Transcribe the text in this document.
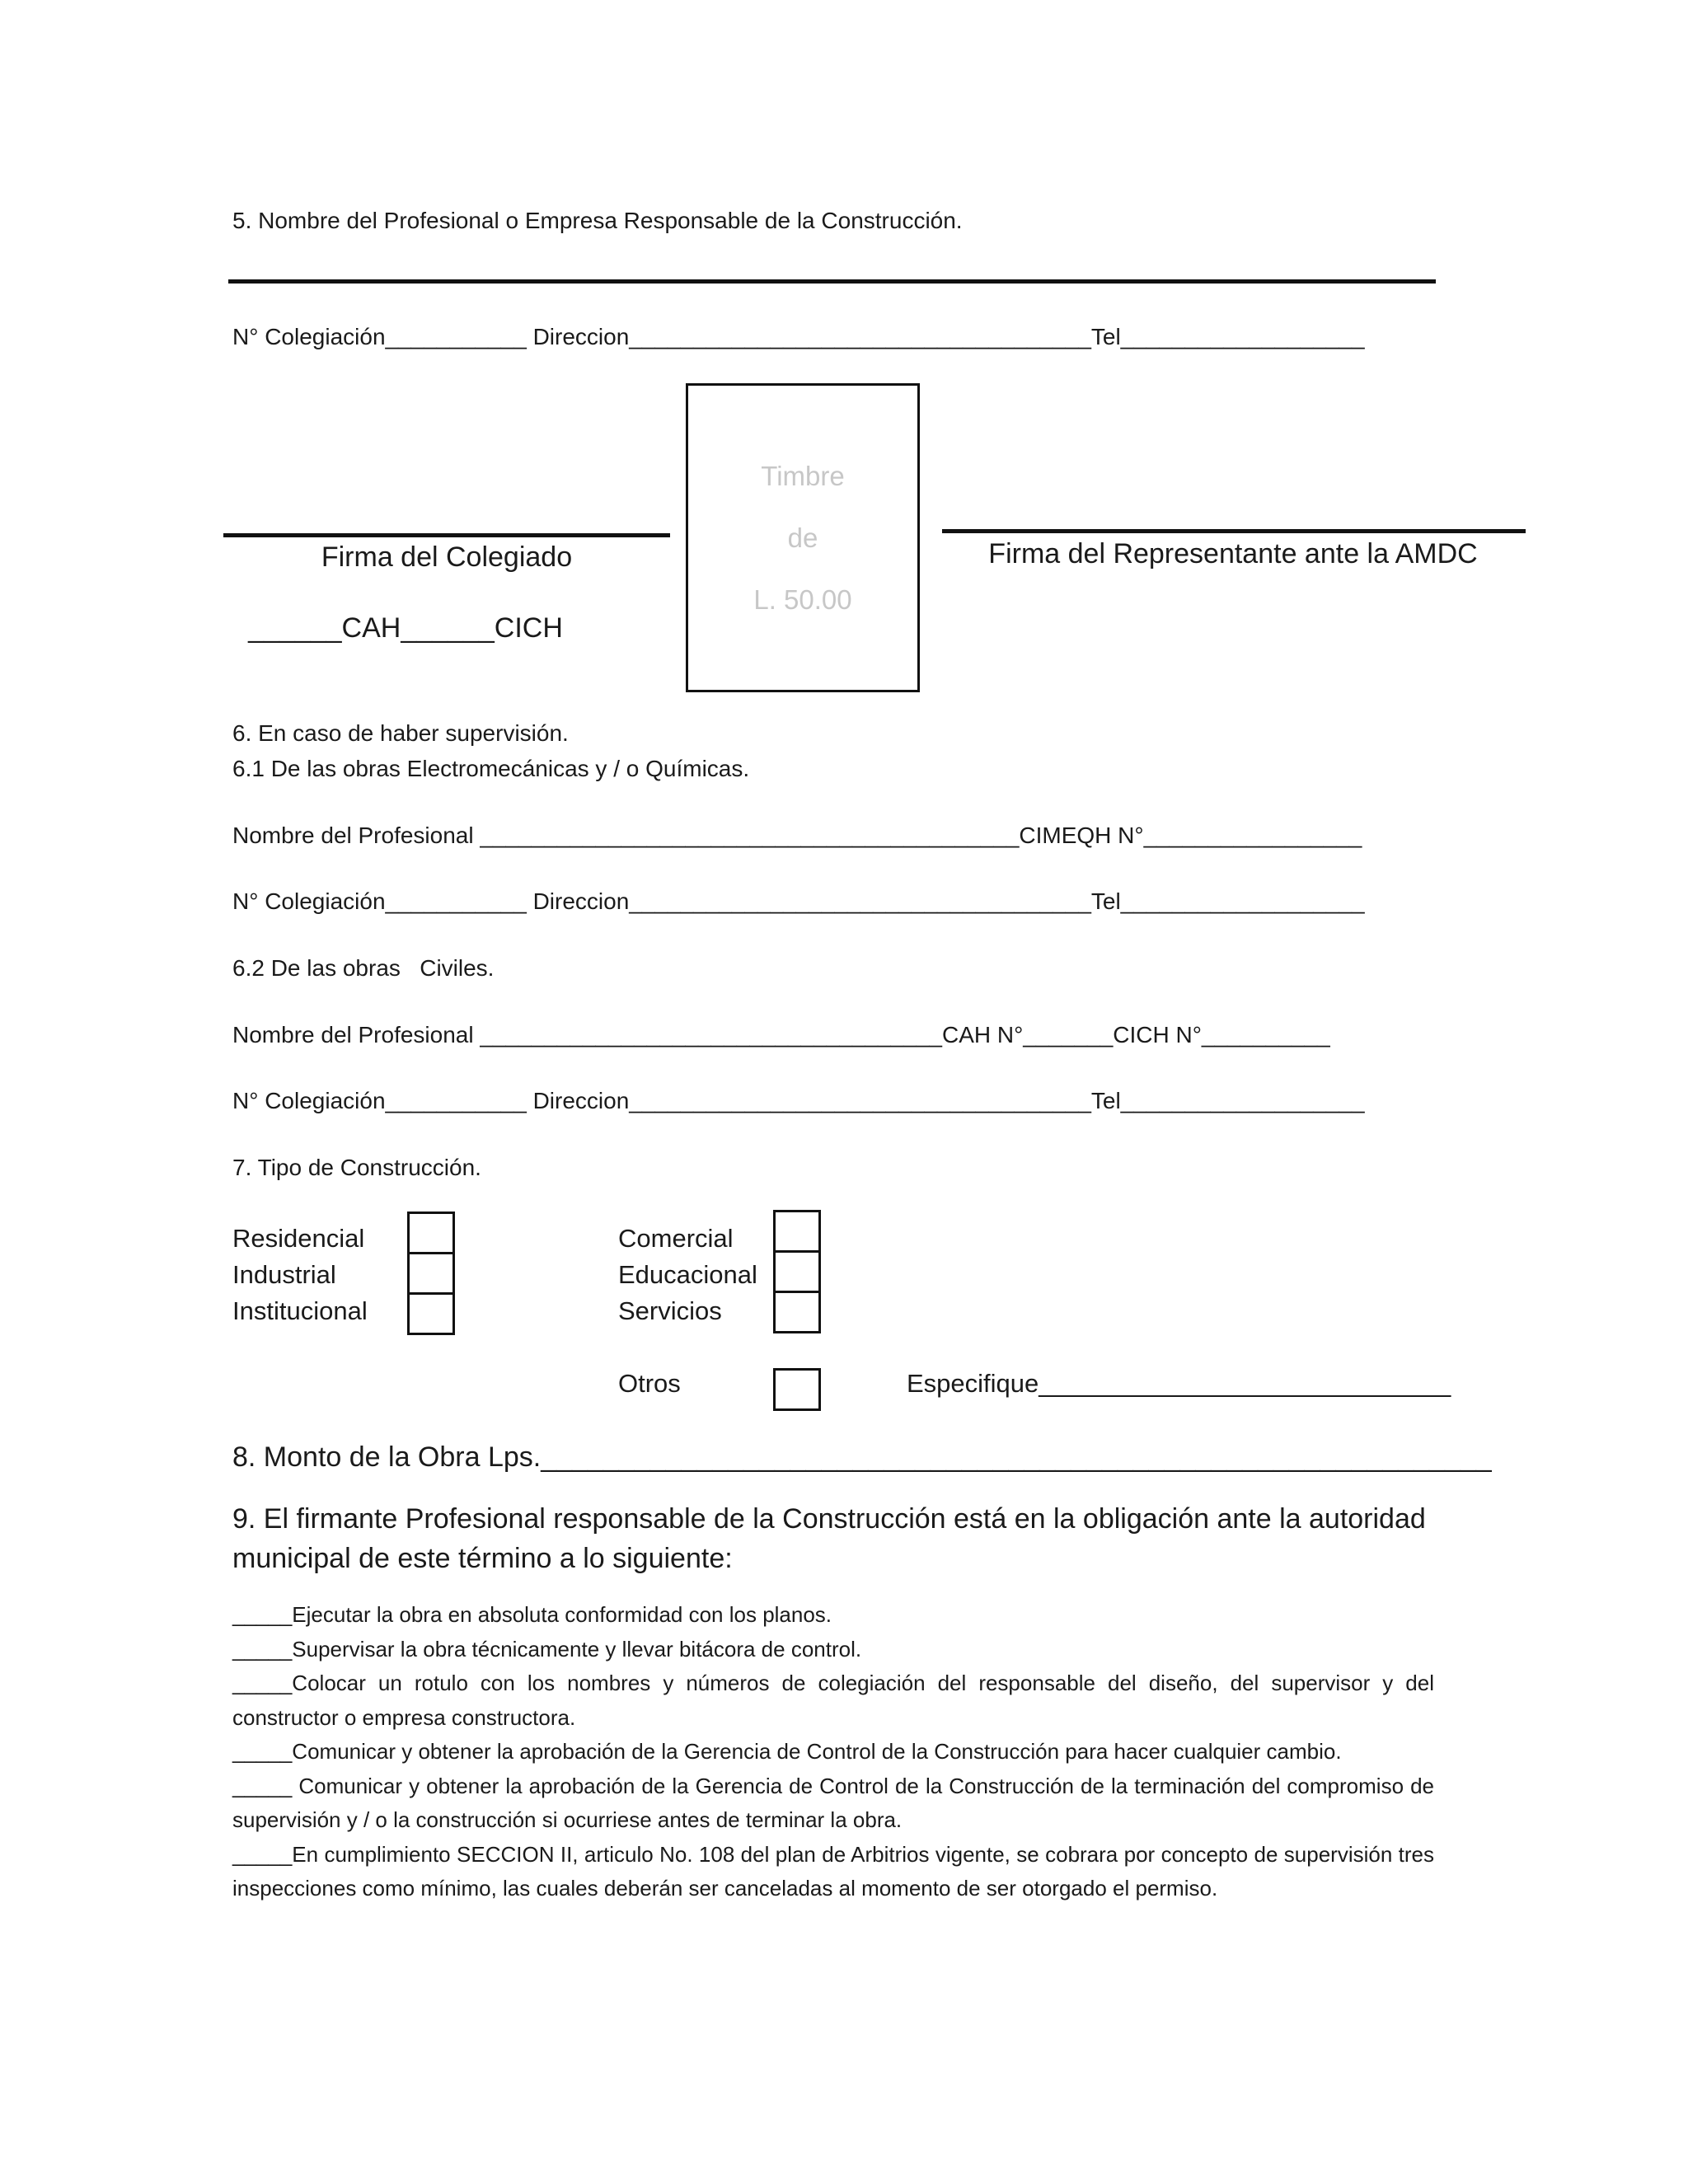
5. Nombre del Profesional o Empresa Responsable de la Construcción.
N° Colegiación___________ Direccion____________________________________Tel___________________
Firma del Colegiado
______CAH______CICH
Timbre
de
L. 50.00
Firma del Representante ante la AMDC
6. En caso de haber supervisión.
6.1 De las obras Electromecánicas y / o Químicas.
Nombre del Profesional __________________________________________CIMEQH N°_________________
N° Colegiación___________ Direccion____________________________________Tel___________________
6.2 De las obras   Civiles.
Nombre del Profesional ____________________________________CAH N°_______CICH N°__________
N° Colegiación___________ Direccion____________________________________Tel___________________
7. Tipo de Construcción.
Residencial
Industrial
Institucional
Comercial
Educacional
Servicios
Otros	Especifique_____________________________
8. Monto de la Obra Lps._____________________________________________________________
9. El firmante Profesional responsable de la Construcción está en la obligación ante la autoridad
municipal de este término a lo siguiente:

_____Ejecutar la obra en absoluta conformidad con los planos.

_____Supervisar la obra técnicamente y llevar bitácora de control.

_____Colocar un rotulo con los nombres y números de colegiación del responsable del diseño, del supervisor y del constructor o empresa constructora.

_____Comunicar y obtener la aprobación de la Gerencia de Control de la Construcción para hacer cualquier cambio.

_____ Comunicar y obtener la aprobación de la Gerencia de Control de la Construcción de la terminación del compromiso de supervisión y / o la construcción si ocurriese antes de terminar la obra.

_____En cumplimiento SECCION II, articulo No. 108 del plan de Arbitrios vigente, se cobrara por concepto de supervisión tres inspecciones como mínimo, las cuales deberán ser canceladas al momento de ser otorgado el permiso.
